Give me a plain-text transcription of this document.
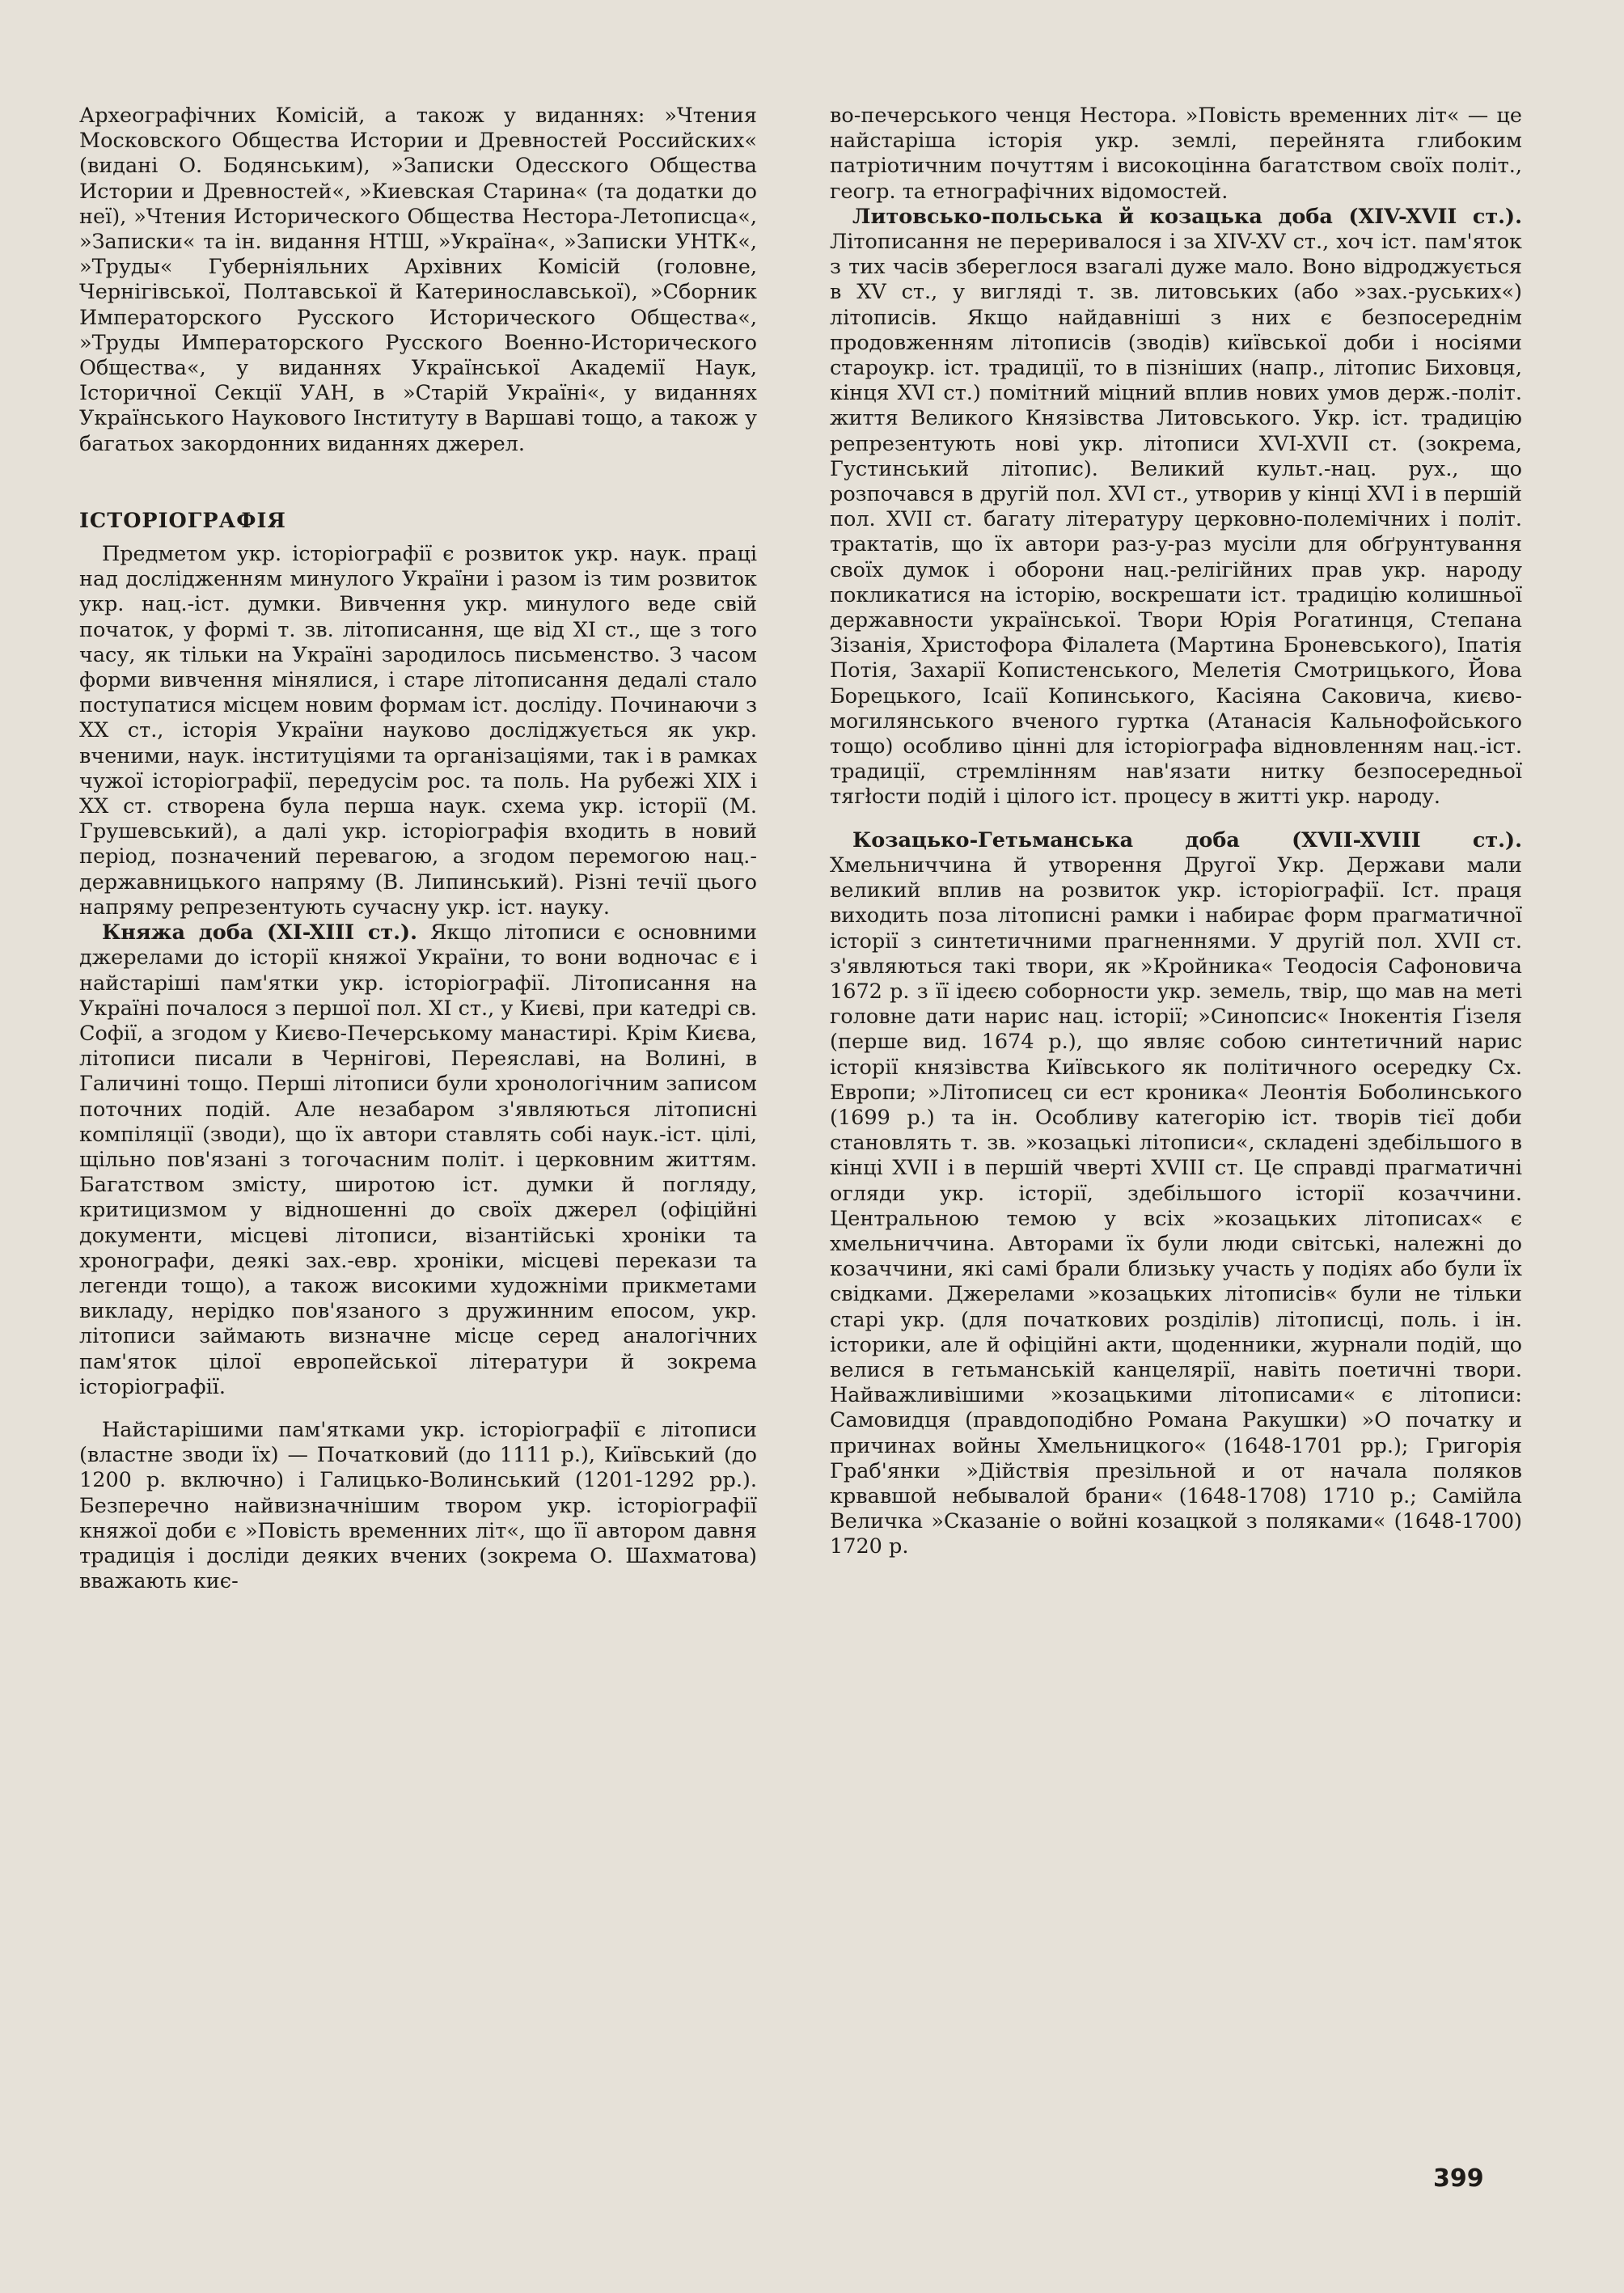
Археографічних Комісій, а також у виданнях: »Чтения Московского Общества Истории и Древностей Российских« (видані О. Бодянським), »Записки Одесского Общества Истории и Древностей«, »Киевская Старина« (та додатки до неї), »Чтения Исторического Общества Нестора-Летописца«, »Записки« та ін. видання НТШ, »Україна«, »Записки УНТК«, »Труды« Губерніяльних Архівних Комісій (головне, Чернігівської, Полтавської й Катеринославської), »Сборник Императорского Русского Исторического Общества«, »Труды Императорского Русского Военно-Исторического Общества«, у виданнях Української Академії Наук, Історичної Секції УАН, в »Старій Україні«, у виданнях Українського Наукового Інституту в Варшаві тощо, а також у багатьох закордонних виданнях джерел.

ІСТОРІОГРАФІЯ

Предметом укр. історіографії є розвиток укр. наук. праці над дослідженням минулого України і разом із тим розвиток укр. нац.-іст. думки. Вивчення укр. минулого веде свій початок, у формі т. зв. літописання, ще від XI ст., ще з того часу, як тільки на Україні зародилось письменство. З часом форми вивчення мінялися, і старе літописання дедалі стало поступатися місцем новим формам іст. досліду. Починаючи з XX ст., історія України науково досліджується як укр. вченими, наук. інституціями та організаціями, так і в рамках чужої історіографії, передусім рос. та поль. На рубежі XIX і XX ст. створена була перша наук. схема укр. історії (М. Грушевський), а далі укр. історіографія входить в новий період, позначений перевагою, а згодом перемогою нац.-державницького напряму (В. Липинський). Різні течії цього напряму репрезентують сучасну укр. іст. науку.

Княжа доба (XI-XIII ст.). Якщо літописи є основними джерелами до історії княжої України, то вони водночас є і найстаріші пам'ятки укр. історіографії. Літописання на Україні почалося з першої пол. XI ст., у Києві, при катедрі св. Софії, а згодом у Києво-Печерському манастирі. Крім Києва, літописи писали в Чернігові, Переяславі, на Волині, в Галичині тощо. Перші літописи були хронологічним записом поточних подій. Але незабаром з'являються літописні компіляції (зводи), що їх автори ставлять собі наук.-іст. цілі, щільно пов'язані з тогочасним політ. і церковним життям. Багатством змісту, широтою іст. думки й погляду, критицизмом у відношенні до своїх джерел (офіційні документи, місцеві літописи, візантійські хроніки та хронографи, деякі зах.-евр. хроніки, місцеві перекази та легенди тощо), а також високими художніми прикметами викладу, нерідко пов'язаного з дружинним епосом, укр. літописи займають визначне місце серед аналогічних пам'яток цілої европейської літератури й зокрема історіографії.

Найстарішими пам'ятками укр. історіографії є літописи (властне зводи їх) — Початковий (до 1111 р.), Київський (до 1200 р. включно) і Галицько-Волинський (1201-1292 рр.). Безперечно найвизначнішим твором укр. історіографії княжої доби є »Повість временних літ«, що її автором давня традиція і досліди деяких вчених (зокрема О. Шахматова) вважають киє-

во-печерського ченця Нестора. »Повість временних літ« — це найстаріша історія укр. землі, перейнята глибоким патріотичним почуттям і високоцінна багатством своїх політ., геогр. та етнографічних відомостей.

Литовсько-польська й козацька доба (XIV-XVII ст.). Літописання не переривалося і за XIV-XV ст., хоч іст. пам'яток з тих часів збереглося взагалі дуже мало. Воно відроджується в XV ст., у вигляді т. зв. литовських (або »зах.-руських«) літописів. Якщо найдавніші з них є безпосереднім продовженням літописів (зводів) київської доби і носіями староукр. іст. традиції, то в пізніших (напр., літопис Биховця, кінця XVI ст.) помітний міцний вплив нових умов держ.-політ. життя Великого Князівства Литовського. Укр. іст. традицію репрезентують нові укр. літописи XVI-XVII ст. (зокрема, Густинський літопис). Великий культ.-нац. рух., що розпочався в другій пол. XVI ст., утворив у кінці XVI і в першій пол. XVII ст. багату літературу церковно-полемічних і політ. трактатів, що їх автори раз-у-раз мусіли для обґрунтування своїх думок і оборони нац.-релігійних прав укр. народу покликатися на історію, воскрешати іст. традицію колишньої державности української. Твори Юрія Рогатинця, Степана Зізанія, Христофора Філалета (Мартина Броневського), Іпатія Потія, Захарії Копистенського, Мелетія Смотрицького, Йова Борецького, Ісаії Копинського, Касіяна Саковича, києво-могилянського вченого гуртка (Атанасія Кальнофойського тощо) особливо цінні для історіографа відновленням нац.-іст. традиції, стремлінням нав'язати нитку безпосередньої тягłости подій і цілого іст. процесу в житті укр. народу.

Козацько-Гетьманська доба (XVII-XVIII ст.). Хмельниччина й утворення Другої Укр. Держави мали великий вплив на розвиток укр. історіографії. Іст. праця виходить поза літописні рамки і набирає форм прагматичної історії з синтетичними прагненнями. У другій пол. XVII ст. з'являються такі твори, як »Кройника« Теодосія Сафоновича 1672 р. з її ідеєю соборности укр. земель, твір, що мав на меті головне дати нарис нац. історії; »Синопсис« Інокентія Ґізеля (перше вид. 1674 р.), що являє собою синтетичний нарис історії князівства Київського як політичного осередку Сх. Европи; »Літописец си ест кроника« Леонтія Боболинського (1699 р.) та ін. Особливу категорію іст. творів тієї доби становлять т. зв. »козацькі літописи«, складені здебільшого в кінці XVII і в першій чверті XVIII ст. Це справді прагматичні огляди укр. історії, здебільшого історії козаччини. Центральною темою у всіх »козацьких літописах« є хмельниччина. Авторами їх були люди світські, належні до козаччини, які самі брали близьку участь у подіях або були їх свідками. Джерелами »козацьких літописів« були не тільки старі укр. (для початкових розділів) літописці, поль. і ін. історики, але й офіційні акти, щоденники, журнали подій, що велися в гетьманській канцелярії, навіть поетичні твори. Найважливішими »козацькими літописами« є літописи: Самовидця (правдоподібно Романа Ракушки) »О початку и причинах войны Хмельницкого« (1648-1701 рр.); Григорія Граб'янки »Дійствія презільной и от начала поляков крвавшой небывалой брани« (1648-1708) 1710 р.; Самійла Величка »Сказаніе о войні козацкой з поляками« (1648-1700) 1720 р.

399
